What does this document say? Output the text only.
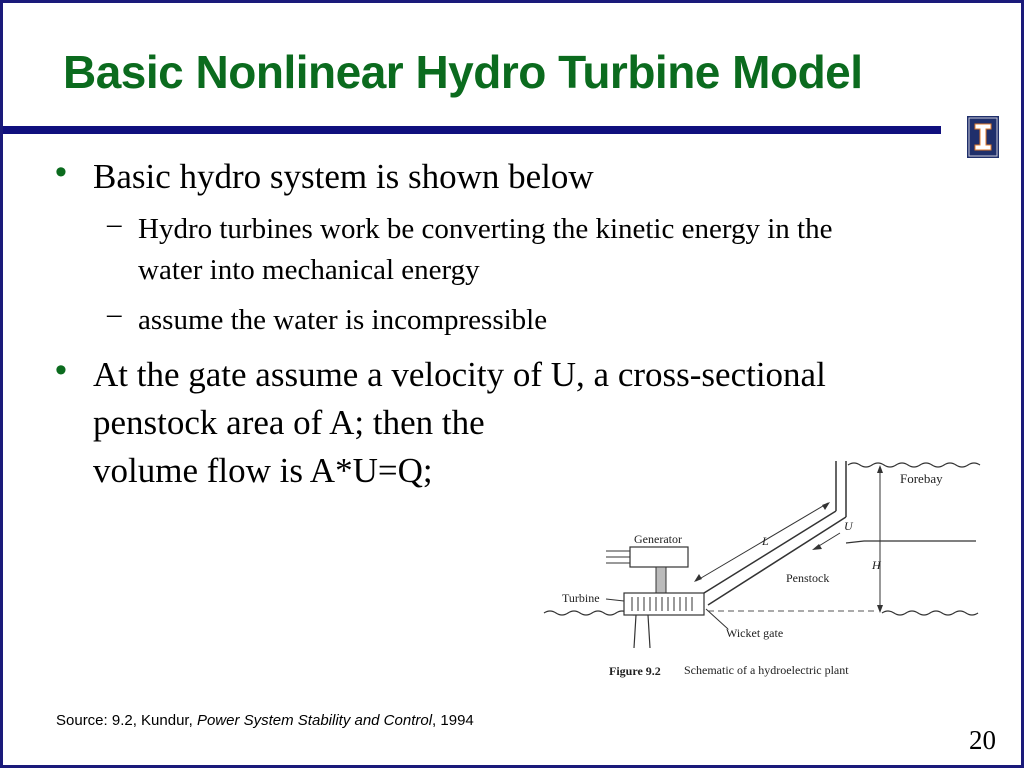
Basic Nonlinear Hydro Turbine Model
• Basic hydro system is shown below
– Hydro turbines work be converting the kinetic energy in the
water into mechanical energy
– assume the water is incompressible
• At the gate assume a velocity of U, a cross-sectional
penstock area of A; then the
volume flow is A*U=Q;	Forebay
Generator	L
U
H
Penstock
Turbine
Wicket gate
Figure 9.2 Schematic of a hydroelectric plant
Source: 9.2, Kundur, Power System Stability and Control, 1994
20
